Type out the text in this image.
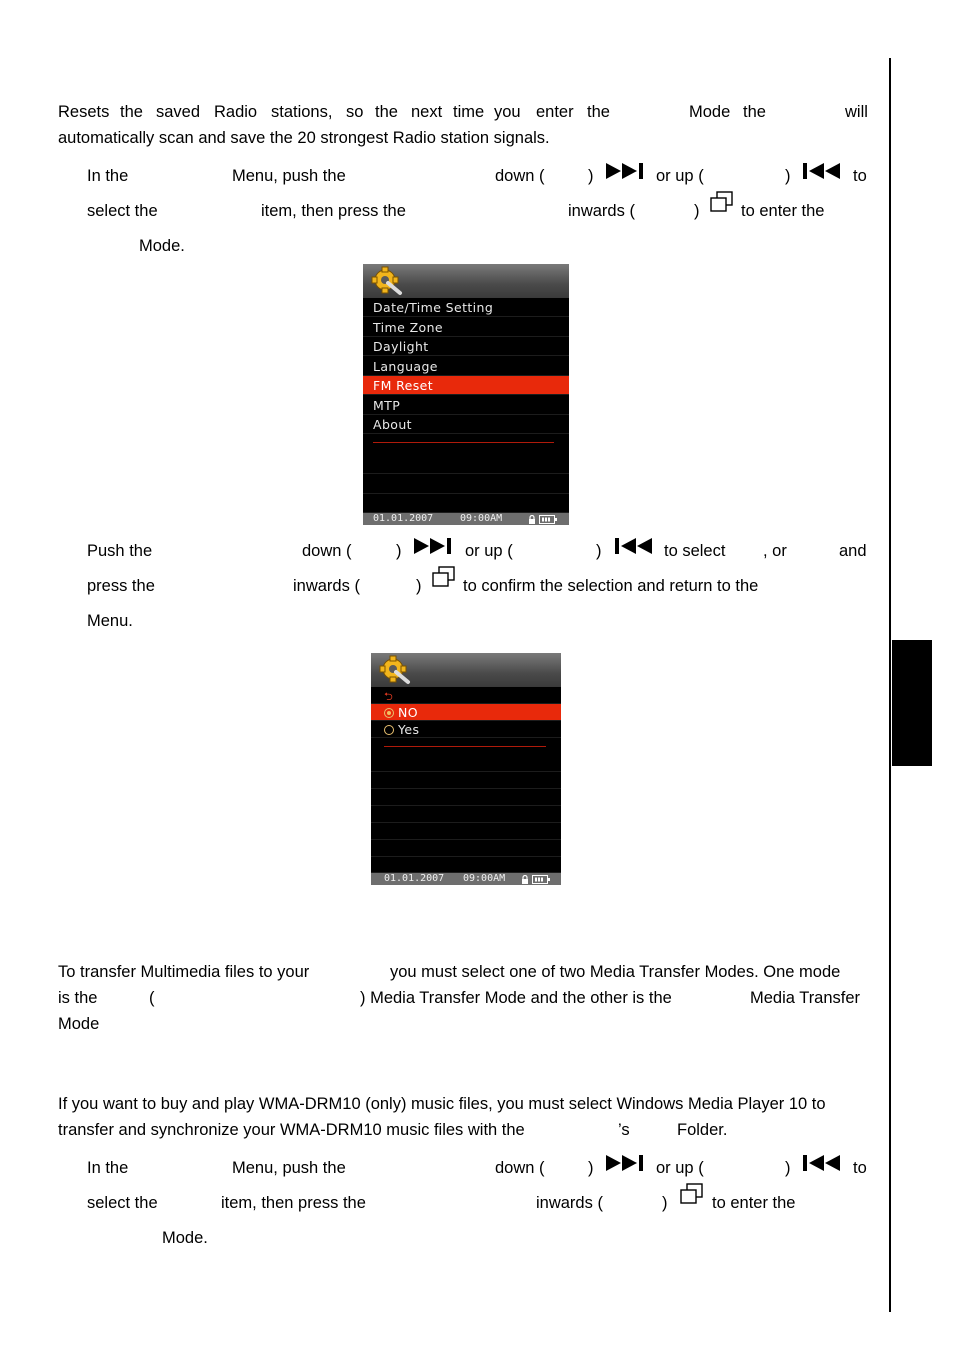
Resets the saved Radio stations, so the next time you enter the	Mode the	will
automatically scan and save the 20 strongest Radio station signals.
In the	Menu, push the	down (	)	or up (	)	to
select the	item, then press the	inwards (	)	to enter the
Mode.
Date/Time Setting
Time Zone
Daylight
Language
FM Reset
MTP
About
01.01.2007	09:00AM
Push the	down (	)	or up (	)	to select , or	and
press the	inwards (	)	to confirm the selection and return to the
Menu.
⮌
NO
Yes
01.01.2007 09:00AM
To transfer Multimedia files to your	you must select one of two Media Transfer Modes. One mode
is the	(	) Media Transfer Mode and the other is the	Media Transfer
Mode
If you want to buy and play WMA-DRM10 (only) music files, you must select Windows Media Player 10 to
transfer and synchronize your WMA-DRM10 music files with the	’s	Folder.
In the	Menu, push the	down (	)	or up (	)	to
select the	item, then press the	inwards (	)	to enter the
Mode.
